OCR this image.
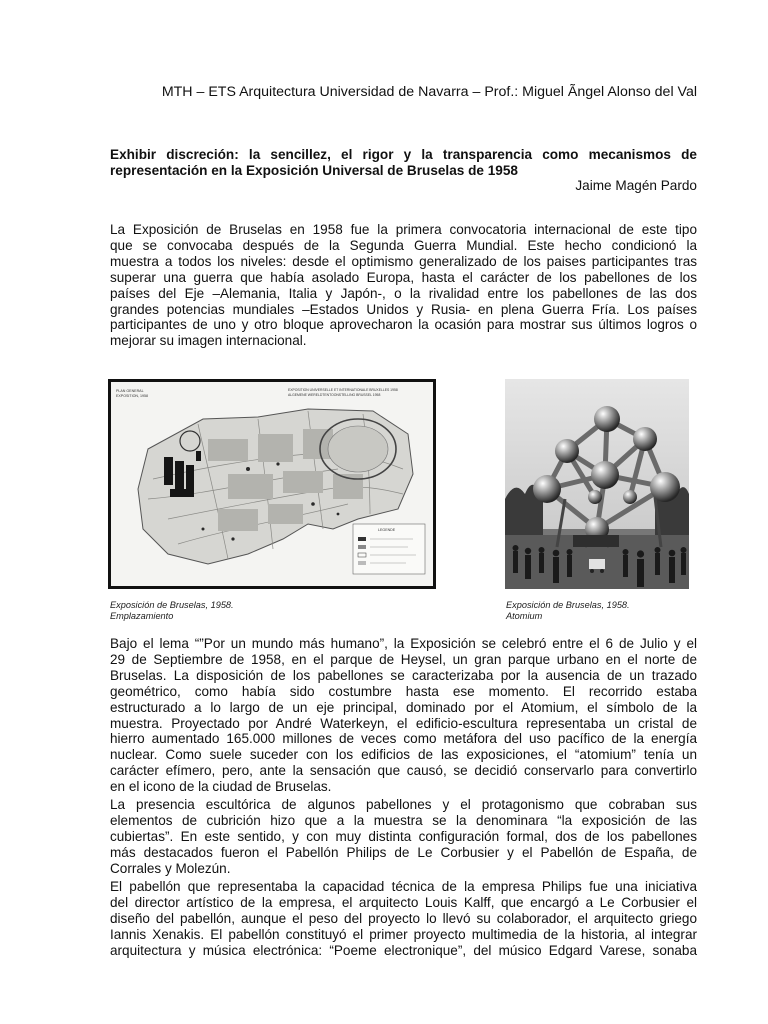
MTH – ETS Arquitectura Universidad de Navarra – Prof.: Miguel Ãngel Alonso del Val
Exhibir discreción: la sencillez, el rigor y la transparencia como mecanismos de
representación en la Exposición Universal de Bruselas de 1958
Jaime Magén Pardo
La Exposición de Bruselas en 1958 fue la primera convocatoria internacional de este tipo
que se convocaba después de la Segunda Guerra Mundial. Este hecho condicionó la
muestra a todos los niveles: desde el optimismo generalizado de los paises participantes tras
superar una guerra que había asolado Europa, hasta el carácter de los pabellones de los
países del Eje –Alemania, Italia y Japón-, o la rivalidad entre los pabellones de las dos
grandes potencias mundiales –Estados Unidos y Rusia- en plena Guerra Fría. Los países
participantes de uno y otro bloque aprovecharon la ocasión para mostrar sus últimos logros o
mejorar su imagen internacional.
PLAN GENERAL
EXPOSITION, 1958
EXPOSITION UNIVERSELLE ET INTERNATIONALE BRUXELLES 1958
ALGEMENE WERELDTENTOONSTELLING BRUSSEL 1958
LEGENDE
Exposición de Bruselas, 1958.
Emplazamiento
Exposición de Bruselas, 1958.
Atomium
Bajo el lema “”Por un mundo más humano”, la Exposición se celebró entre el 6 de Julio y el
29 de Septiembre de 1958, en el parque de Heysel, un gran parque urbano en el norte de
Bruselas. La disposición de los pabellones se caracterizaba por la ausencia de un trazado
geométrico, como había sido costumbre hasta ese momento. El recorrido estaba
estructurado a lo largo de un eje principal, dominado por el Atomium, el símbolo de la
muestra. Proyectado por André Waterkeyn, el edificio-escultura representaba un cristal de
hierro aumentado 165.000 millones de veces como metáfora del uso pacífico de la energía
nuclear. Como suele suceder con los edificios de las exposiciones, el “atomium” tenía un
carácter efímero, pero, ante la sensación que causó, se decidió conservarlo para convertirlo
en el icono de la ciudad de Bruselas.
La presencia escultórica de algunos pabellones y el protagonismo que cobraban sus
elementos de cubrición hizo que a la muestra se la denominara “la exposición de las
cubiertas”. En este sentido, y con muy distinta configuración formal, dos de los pabellones
más destacados fueron el Pabellón Philips de Le Corbusier y el Pabellón de España, de
Corrales y Molezún.
El pabellón que representaba la capacidad técnica de la empresa Philips fue una iniciativa
del director artístico de la empresa, el arquitecto Louis Kalff, que encargó a Le Corbusier el
diseño del pabellón, aunque el peso del proyecto lo llevó su colaborador, el arquitecto griego
Iannis Xenakis. El pabellón constituyó el primer proyecto multimedia de la historia, al integrar
arquitectura y música electrónica: “Poeme electronique”, del músico Edgard Varese, sonaba
